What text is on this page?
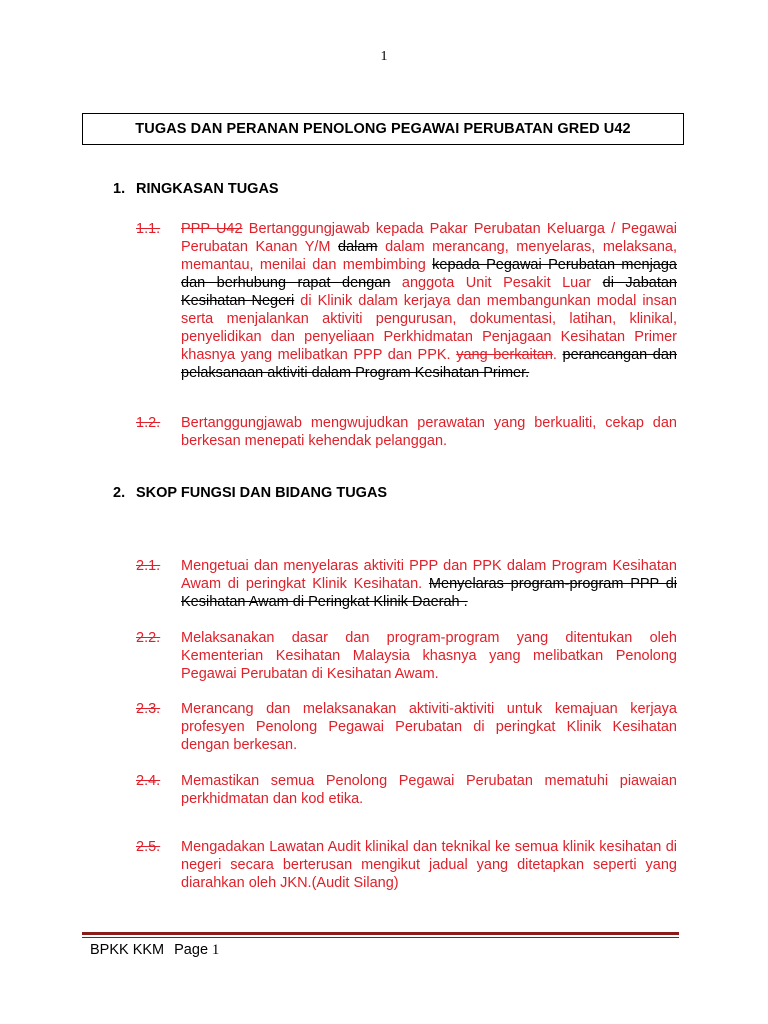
1
TUGAS DAN PERANAN PENOLONG PEGAWAI PERUBATAN GRED U42
1. RINGKASAN TUGAS
1.1. PPP U42 Bertanggungjawab kepada Pakar Perubatan Keluarga / Pegawai Perubatan Kanan Y/M dalam dalam merancang, menyelaras, melaksana, memantau, menilai dan membimbing kepada Pegawai Perubatan menjaga dan berhubung rapat dengan anggota Unit Pesakit Luar di Jabatan Kesihatan Negeri di Klinik dalam kerjaya dan membangunkan modal insan serta menjalankan aktiviti pengurusan, dokumentasi, latihan, klinikal, penyelidikan dan penyeliaan Perkhidmatan Penjagaan Kesihatan Primer khasnya yang melibatkan PPP dan PPK. yang berkaitan. perancangan dan pelaksanaan aktiviti dalam Program Kesihatan Primer.
1.2. Bertanggungjawab mengwujudkan perawatan yang berkualiti, cekap dan berkesan menepati kehendak pelanggan.
2. SKOP FUNGSI DAN BIDANG TUGAS
2.1. Mengetuai dan menyelaras aktiviti PPP dan PPK dalam Program Kesihatan Awam di peringkat Klinik Kesihatan. Menyelaras program-program PPP di Kesihatan Awam di Peringkat Klinik Daerah .
2.2. Melaksanakan dasar dan program-program yang ditentukan oleh Kementerian Kesihatan Malaysia khasnya yang melibatkan Penolong Pegawai Perubatan di Kesihatan Awam.
2.3. Merancang dan melaksanakan aktiviti-aktiviti untuk kemajuan kerjaya profesyen Penolong Pegawai Perubatan di peringkat Klinik Kesihatan dengan berkesan.
2.4. Memastikan semua Penolong Pegawai Perubatan mematuhi piawaian perkhidmatan dan kod etika.
2.5. Mengadakan Lawatan Audit klinikal dan teknikal ke semua klinik kesihatan di negeri secara berterusan mengikut jadual yang ditetapkan seperti yang diarahkan oleh JKN.(Audit Silang)
BPKK KKM Page 1
